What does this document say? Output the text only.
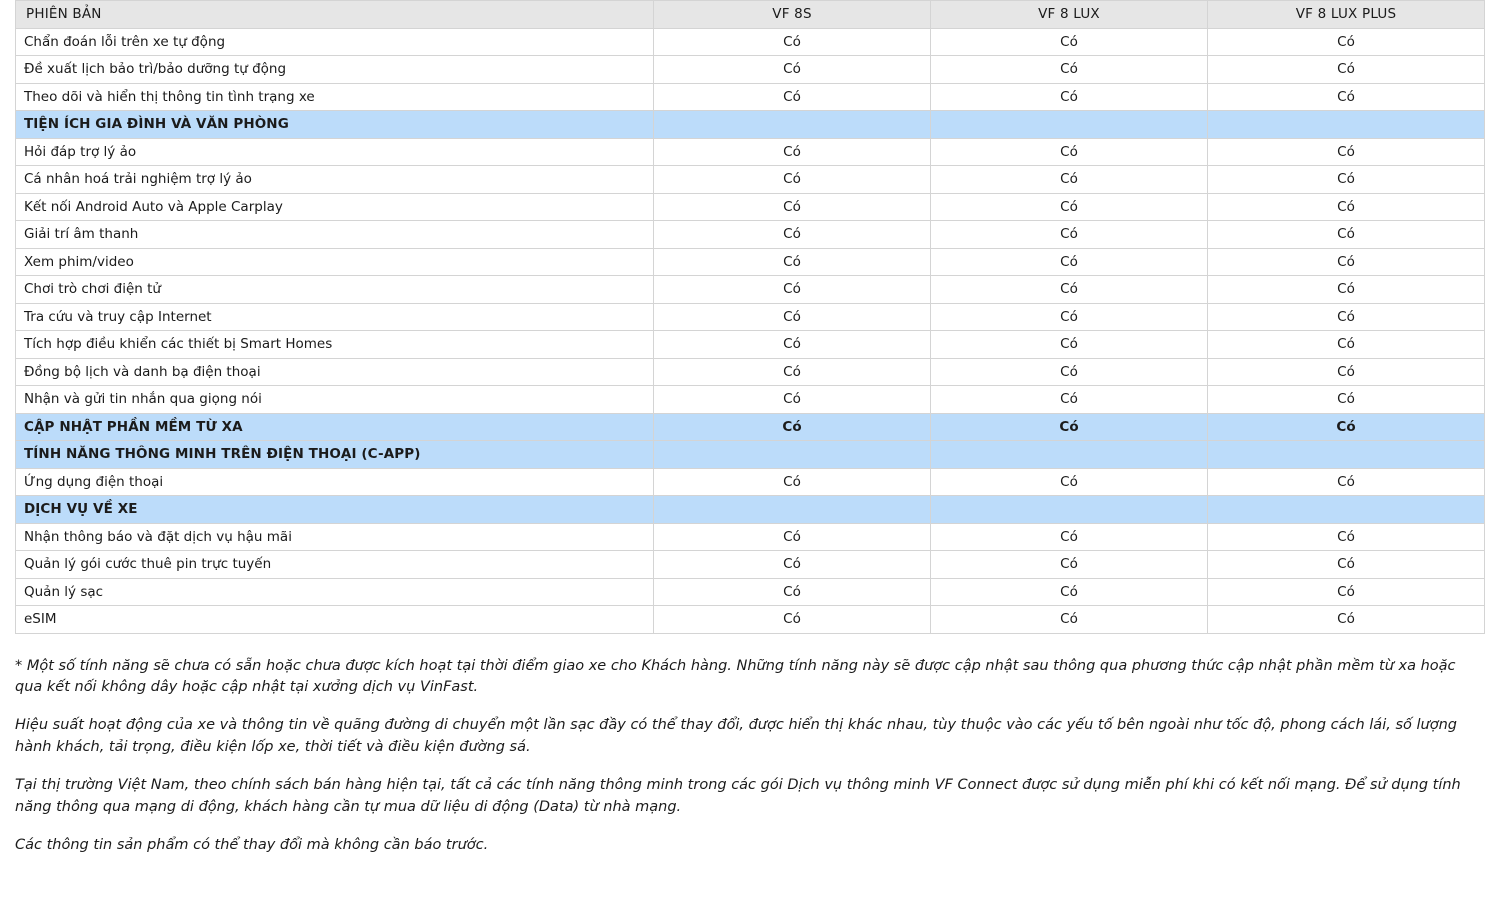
PHIÊN BẢN	VF 8S	VF 8 LUX	VF 8 LUX PLUS
Chẩn đoán lỗi trên xe tự động	Có	Có	Có
Đề xuất lịch bảo trì/bảo dưỡng tự động	Có	Có	Có
Theo dõi và hiển thị thông tin tình trạng xe	Có	Có	Có
TIỆN ÍCH GIA ĐÌNH VÀ VĂN PHÒNG			
Hỏi đáp trợ lý ảo	Có	Có	Có
Cá nhân hoá trải nghiệm trợ lý ảo	Có	Có	Có
Kết nối Android Auto và Apple Carplay	Có	Có	Có
Giải trí âm thanh	Có	Có	Có
Xem phim/video	Có	Có	Có
Chơi trò chơi điện tử	Có	Có	Có
Tra cứu và truy cập Internet	Có	Có	Có
Tích hợp điều khiển các thiết bị Smart Homes	Có	Có	Có
Đồng bộ lịch và danh bạ điện thoại	Có	Có	Có
Nhận và gửi tin nhắn qua giọng nói	Có	Có	Có
CẬP NHẬT PHẦN MỀM TỪ XA	Có	Có	Có
TÍNH NĂNG THÔNG MINH TRÊN ĐIỆN THOẠI (C-APP)			
Ứng dụng điện thoại	Có	Có	Có
DỊCH VỤ VỀ XE			
Nhận thông báo và đặt dịch vụ hậu mãi	Có	Có	Có
Quản lý gói cước thuê pin trực tuyến	Có	Có	Có
Quản lý sạc	Có	Có	Có
eSIM	Có	Có	Có

* Một số tính năng sẽ chưa có sẵn hoặc chưa được kích hoạt tại thời điểm giao xe cho Khách hàng. Những tính năng này sẽ được cập nhật sau thông qua phương thức cập nhật phần mềm từ xa hoặc qua kết nối không dây hoặc cập nhật tại xưởng dịch vụ VinFast.

Hiệu suất hoạt động của xe và thông tin về quãng đường di chuyển một lần sạc đầy có thể thay đổi, được hiển thị khác nhau, tùy thuộc vào các yếu tố bên ngoài như tốc độ, phong cách lái, số lượng hành khách, tải trọng, điều kiện lốp xe, thời tiết và điều kiện đường sá.

Tại thị trường Việt Nam, theo chính sách bán hàng hiện tại, tất cả các tính năng thông minh trong các gói Dịch vụ thông minh VF Connect được sử dụng miễn phí khi có kết nối mạng. Để sử dụng tính năng thông qua mạng di động, khách hàng cần tự mua dữ liệu di động (Data) từ nhà mạng.

Các thông tin sản phẩm có thể thay đổi mà không cần báo trước.
